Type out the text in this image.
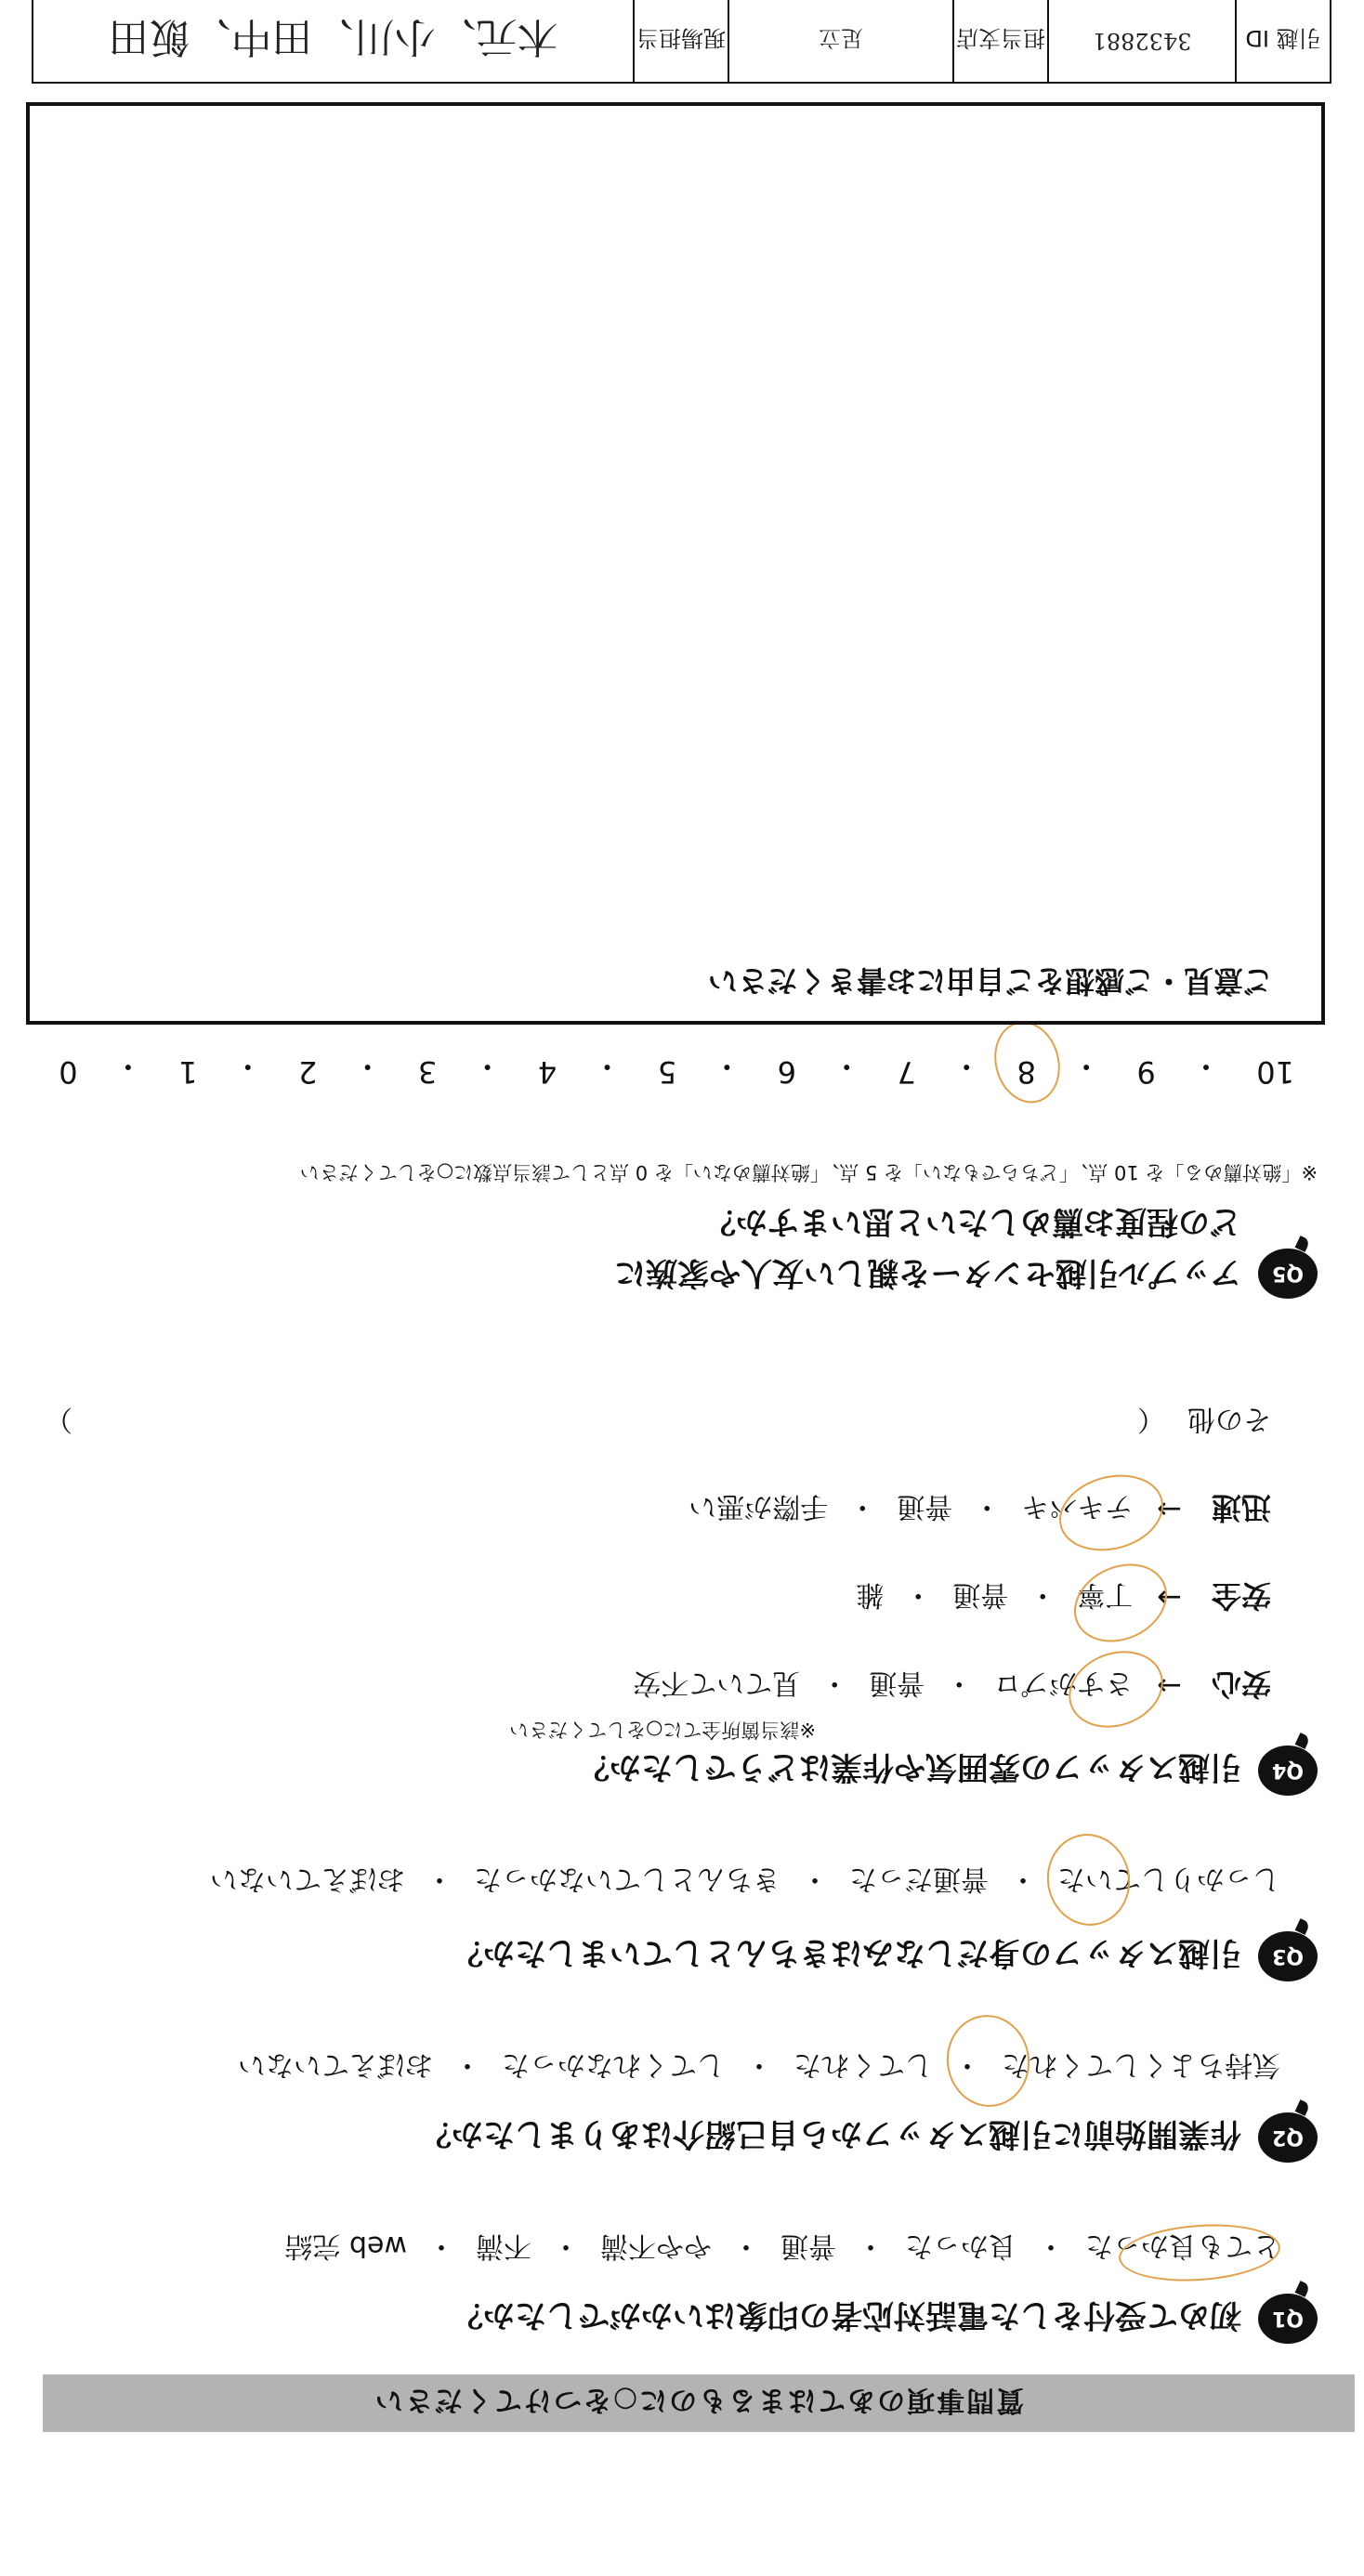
質問事項のあてはまるものに○をつけてください
Q1
初めて受付をした電話対応者の印象はいかがでしたか？
とても良かった
・
良かった
・
普通
・
やや不満
・
不満
・
web 完結
Q2
作業開始前に引越スタッフから自己紹介はありましたか？
気持ちよくしてくれた
・
してくれた
・
してくれなかった
・
おぼえていない
Q3
引越スタッフの身だしなみはきちんとしていましたか？
しっかりしていた
・
普通だった
・
きちんとしていなかった
・
おぼえていない
Q4
引越スタッフの雰囲気や作業はどうでしたか？
※該当箇所全てに○をしてください
安心
→
さすがプロ
・
普通
・
見ていて不安
安全
→
丁寧
・
普通
・
雑
迅速
→
テキパキ
・
普通
・
手際が悪い
その他
（
）
Q5
アップル引越センターを親しい友人や家族に
どの程度お薦めしたいと思いますか？
※「絶対薦める」を 10 点、「どちらでもない」を 5 点、「絶対薦めない」を 0 点として該当点数に○をしてください
10
・
9
・
8
・
7
・
6
・
5
・
4
・
3
・
2
・
1
・
0
ご意見・ご感想をご自由にお書きください
引越 ID
3432881
担当支店
足立
現場担当
木元、小川、田中、飯田
